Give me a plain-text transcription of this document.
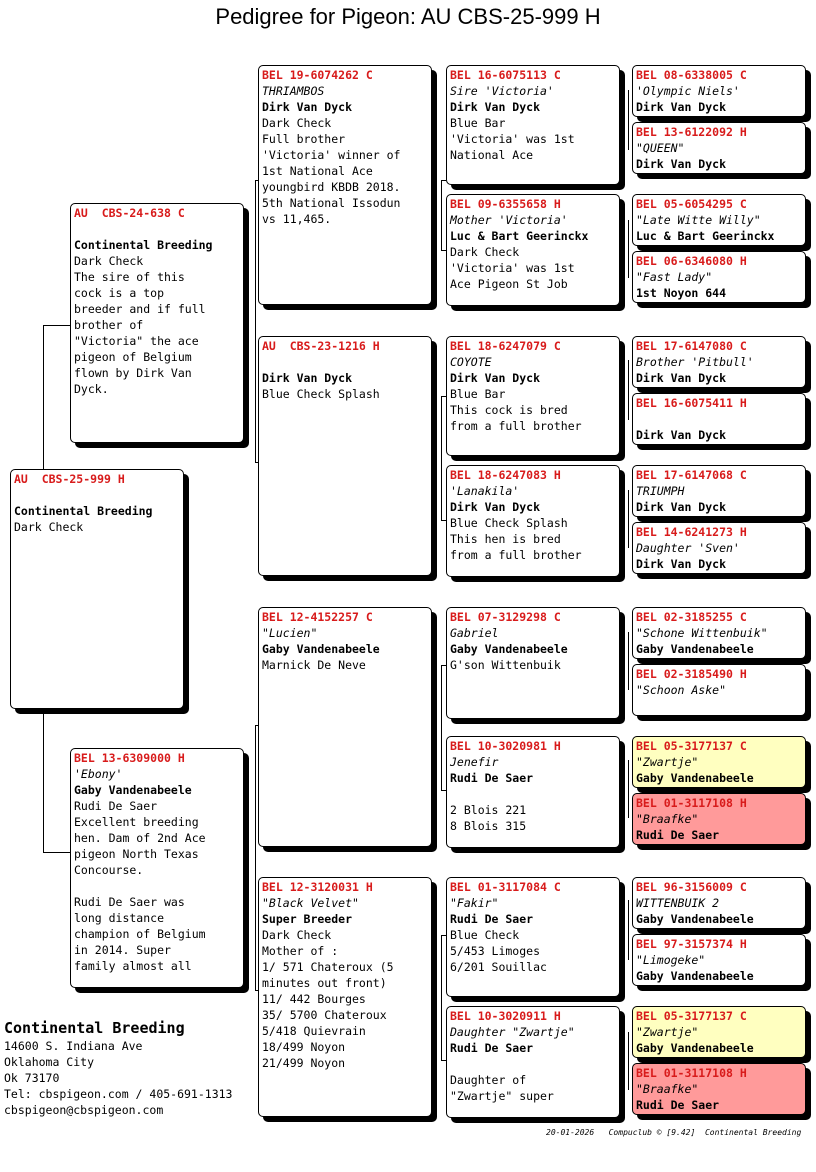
Pedigree for Pigeon: AU CBS-25-999 H
AU  CBS-25-999 H
Continental Breeding
Dark Check
AU  CBS-24-638 C
Continental Breeding
Dark Check
The sire of this
cock is a top
breeder and if full
brother of
"Victoria" the ace
pigeon of Belgium
flown by Dirk Van
Dyck.
BEL 13-6309000 H
'Ebony'
Gaby Vandenabeele
Rudi De Saer
Excellent breeding
hen. Dam of 2nd Ace
pigeon North Texas
Concourse.
Rudi De Saer was
long distance
champion of Belgium
in 2014. Super
family almost all
BEL 19-6074262 C
THRIAMBOS
Dirk Van Dyck
Dark Check
Full brother
'Victoria' winner of
1st National Ace
youngbird KBDB 2018.
5th National Issodun
vs 11,465.
AU  CBS-23-1216 H
Dirk Van Dyck
Blue Check Splash
BEL 12-4152257 C
"Lucien"
Gaby Vandenabeele
Marnick De Neve
BEL 12-3120031 H
"Black Velvet"
Super Breeder
Dark Check
Mother of :
1/ 571 Chateroux (5
minutes out front)
11/ 442 Bourges
35/ 5700 Chateroux
5/418 Quievrain
18/499 Noyon
21/499 Noyon
BEL 16-6075113 C
Sire 'Victoria'
Dirk Van Dyck
Blue Bar
'Victoria' was 1st
National Ace
BEL 09-6355658 H
Mother 'Victoria'
Luc & Bart Geerinckx
Dark Check
'Victoria' was 1st
Ace Pigeon St Job
BEL 18-6247079 C
COYOTE
Dirk Van Dyck
Blue Bar
This cock is bred
from a full brother
BEL 18-6247083 H
'Lanakila'
Dirk Van Dyck
Blue Check Splash
This hen is bred
from a full brother
BEL 07-3129298 C
Gabriel
Gaby Vandenabeele
G'son Wittenbuik
BEL 10-3020981 H
Jenefir
Rudi De Saer
2 Blois 221
8 Blois 315
BEL 01-3117084 C
"Fakir"
Rudi De Saer
Blue Check
5/453 Limoges
6/201 Souillac
BEL 10-3020911 H
Daughter "Zwartje"
Rudi De Saer
Daughter of
"Zwartje" super
BEL 08-6338005 C
'Olympic Niels'
Dirk Van Dyck
BEL 13-6122092 H
"QUEEN"
Dirk Van Dyck
BEL 05-6054295 C
"Late Witte Willy"
Luc & Bart Geerinckx
BEL 06-6346080 H
"Fast Lady"
1st Noyon 644
BEL 17-6147080 C
Brother 'Pitbull'
Dirk Van Dyck
BEL 16-6075411 H
Dirk Van Dyck
BEL 17-6147068 C
TRIUMPH
Dirk Van Dyck
BEL 14-6241273 H
Daughter 'Sven'
Dirk Van Dyck
BEL 02-3185255 C
"Schone Wittenbuik"
Gaby Vandenabeele
BEL 02-3185490 H
"Schoon Aske"
BEL 05-3177137 C
"Zwartje"
Gaby Vandenabeele
BEL 01-3117108 H
"Braafke"
Rudi De Saer
BEL 96-3156009 C
WITTENBUIK 2
Gaby Vandenabeele
BEL 97-3157374 H
"Limogeke"
Gaby Vandenabeele
BEL 05-3177137 C
"Zwartje"
Gaby Vandenabeele
BEL 01-3117108 H
"Braafke"
Rudi De Saer
Continental Breeding
14600 S. Indiana Ave
Oklahoma City
Ok 73170
Tel: cbspigeon.com / 405-691-1313
cbspigeon@cbspigeon.com
20-01-2026   Compuclub © [9.42]  Continental Breeding
